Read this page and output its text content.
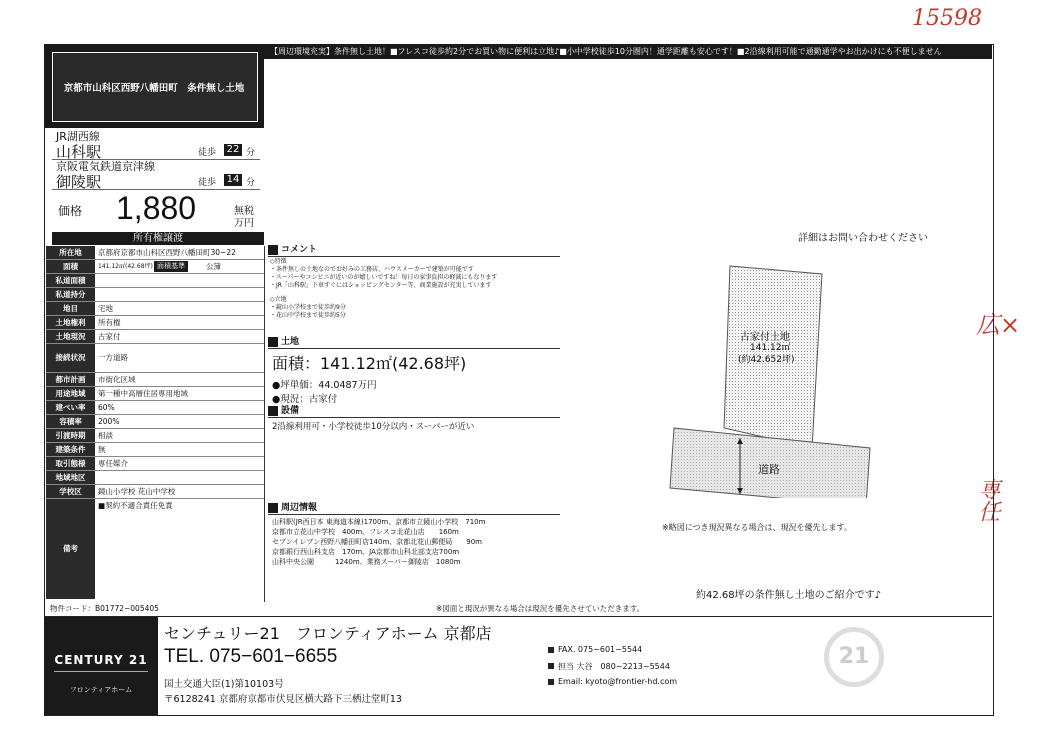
15598
広×
専任
【周辺環境充実】条件無し土地！■フレスコ徒歩約2分でお買い物に便利は立地♪■小中学校徒歩10分圏内！通学距離も安心です！■2沿線利用可能で通勤通学やお出かけにも不便しません
京都市山科区西野八幡田町　条件無し土地
JR湖西線
山科駅	徒歩 22 分
京阪電気鉄道京津線
御陵駅	徒歩 14 分
価格 1,880	無税
万円
所有権譲渡
所在地	京都府京都市山科区西野八幡田町30−22
面積	141.12㎡(42.68坪) 面積基準	公簿
私道面積
私道持分
地目	宅地
土地権利	所有権
土地現況	古家付
接続状況	一方道路
都市計画	市街化区域
用途地域	第一種中高層住居専用地域
建ぺい率	60%
容積率	200%
引渡時期	相談
建築条件	無
取引態様	専任媒介
地域地区
学校区	鏡山小学校 花山中学校
備考
■契約不適合責任免責
物件コード：B01772−005405
コメント
◇特徴
・条件無しの土地なのでお好みの工務店、ハウスメーカーで建築が可能です
・スーパーやコンビニが近いのが嬉しいですね！毎日の家事負担の軽減にもなります
・JR「山科駅」下車すぐにはショッピングセンター等、商業施設が充実しています
◇立地
・鏡山小学校まで徒歩約9分
・花山中学校まで徒歩約5分
土地
面積：141.12㎡(42.68坪)
●坪単価：44.0487万円
●現況：古家付
設備
2沿線利用可・小学校徒歩10分以内・スーパーが近い
周辺情報
山科駅(JR西日本 東海道本線)1700m、京都市立鏡山小学校　710m
京都市立花山中学校　400m、フレスコ北花山店　　160m
セブンイレブン西野八幡田町店140m、京都北花山郵便局　　90m
京都銀行西山科支店　170m、JA京都市山科北部支店700m
山科中央公園　　　1240m、業務スーパー御陵店　1080m
詳細はお問い合わせください
古家付土地
141.12㎡
(約42.652坪)
道路
※略図につき現況異なる場合は、現況を優先します。
約42.68坪の条件無し土地のご紹介です♪
※図面と現況が異なる場合は現況を優先させていただきます。
CENTURY 21
フロンティアホーム
センチュリー21　フロンティアホーム 京都店
TEL. 075−601−6655
国土交通大臣(1)第10103号
〒6128241 京都府京都市伏見区横大路下三栖辻堂町13
FAX. 075−601−5544
担当 大谷　080−2213−5544
Email: kyoto@frontier-hd.com
21
